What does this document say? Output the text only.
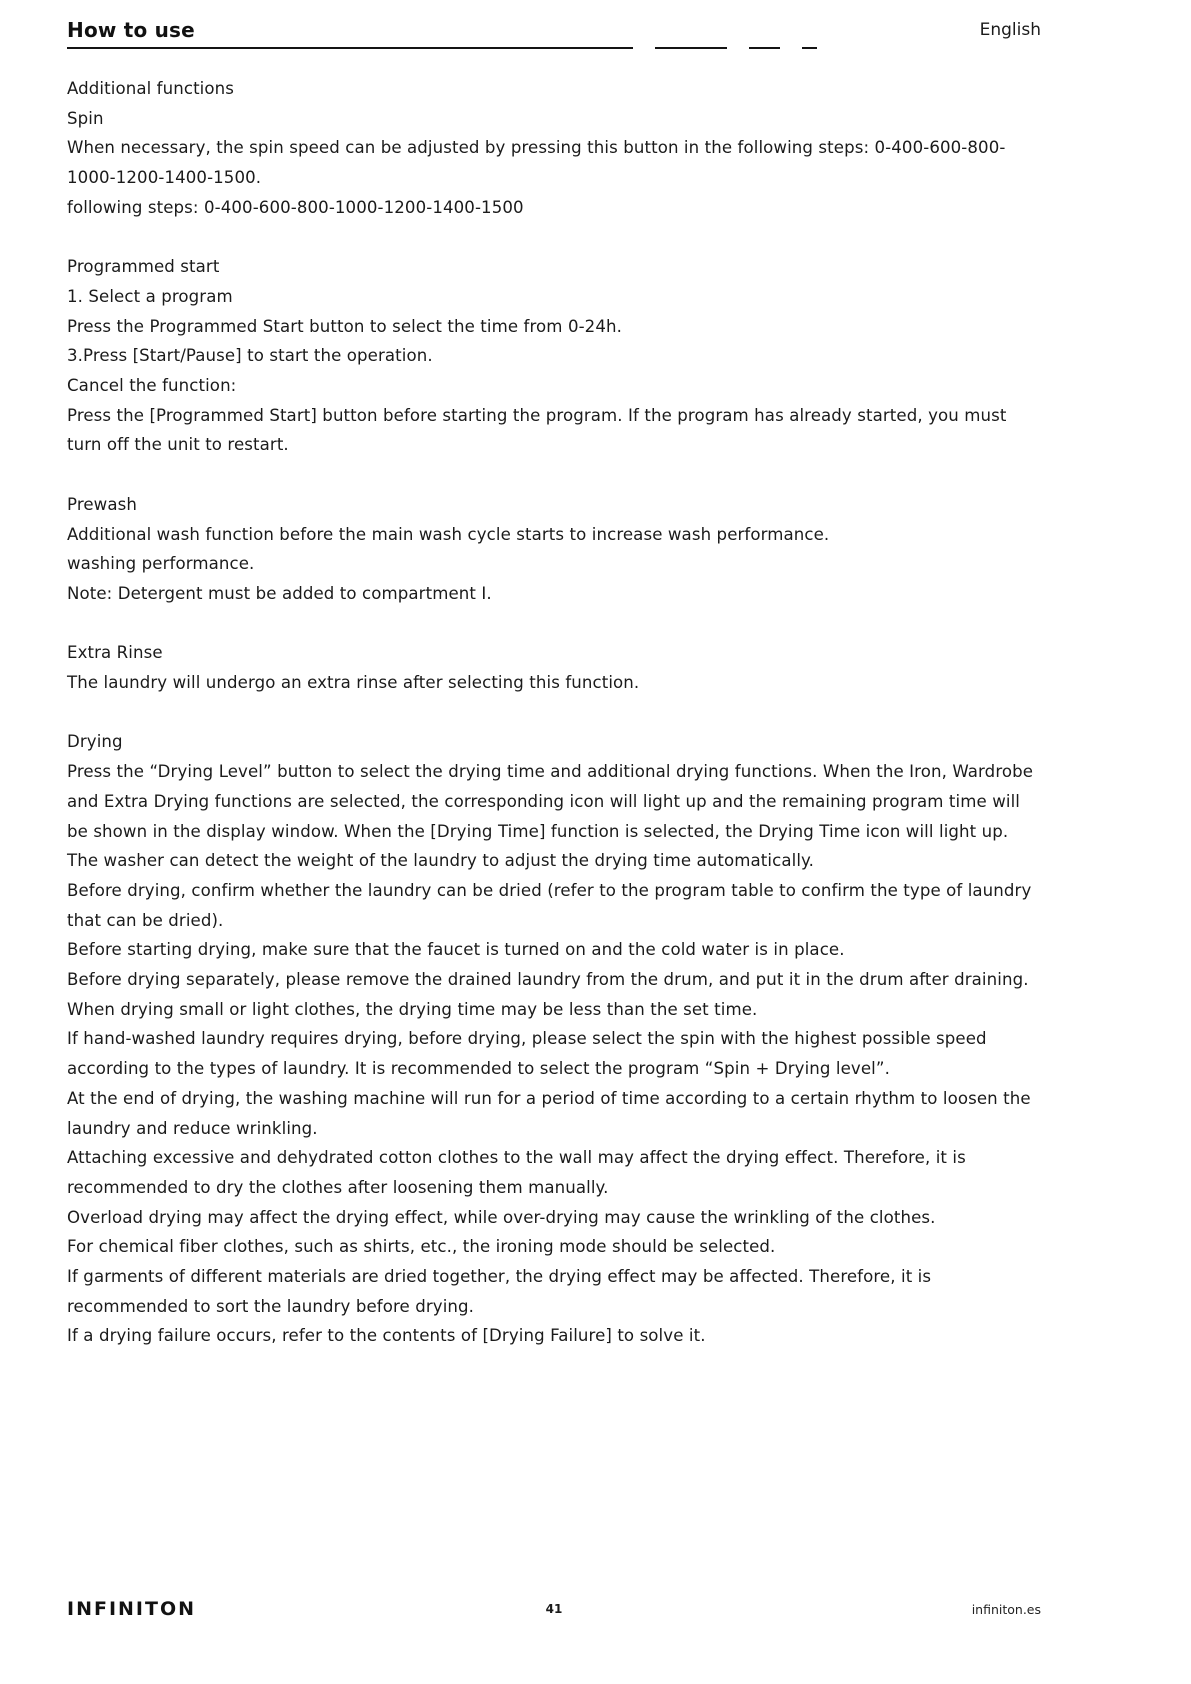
How to use	English

Additional functions

Spin

When necessary, the spin speed can be adjusted by pressing this button in the following steps: 0-400-600-800-1000-1200-1400-1500.

following steps: 0-400-600-800-1000-1200-1400-1500

Programmed start

1. Select a program

Press the Programmed Start button to select the time from 0-24h.

3.Press [Start/Pause] to start the operation.

Cancel the function:

Press the [Programmed Start] button before starting the program. If the program has already started, you must turn off the unit to restart.

Prewash

Additional wash function before the main wash cycle starts to increase wash performance.

washing performance.

Note: Detergent must be added to compartment I.

Extra Rinse

The laundry will undergo an extra rinse after selecting this function.

Drying

Press the “Drying Level” button to select the drying time and additional drying functions. When the Iron, Wardrobe and Extra Drying functions are selected, the corresponding icon will light up and the remaining program time will be shown in the display window. When the [Drying Time] function is selected, the Drying Time icon will light up. The washer can detect the weight of the laundry to adjust the drying time automatically.

Before drying, confirm whether the laundry can be dried (refer to the program table to confirm the type of laundry that can be dried).

Before starting drying, make sure that the faucet is turned on and the cold water is in place.

Before drying separately, please remove the drained laundry from the drum, and put it in the drum after draining.

When drying small or light clothes, the drying time may be less than the set time.

If hand-washed laundry requires drying, before drying, please select the spin with the highest possible speed according to the types of laundry. It is recommended to select the program “Spin + Drying level”.

At the end of drying, the washing machine will run for a period of time according to a certain rhythm to loosen the laundry and reduce wrinkling.

Attaching excessive and dehydrated cotton clothes to the wall may affect the drying effect. Therefore, it is recommended to dry the clothes after loosening them manually.

Overload drying may affect the drying effect, while over-drying may cause the wrinkling of the clothes.

For chemical fiber clothes, such as shirts, etc., the ironing mode should be selected.

If garments of different materials are dried together, the drying effect may be affected. Therefore, it is recommended to sort the laundry before drying.

If a drying failure occurs, refer to the contents of [Drying Failure] to solve it.

INFINITON	41	infiniton.es
